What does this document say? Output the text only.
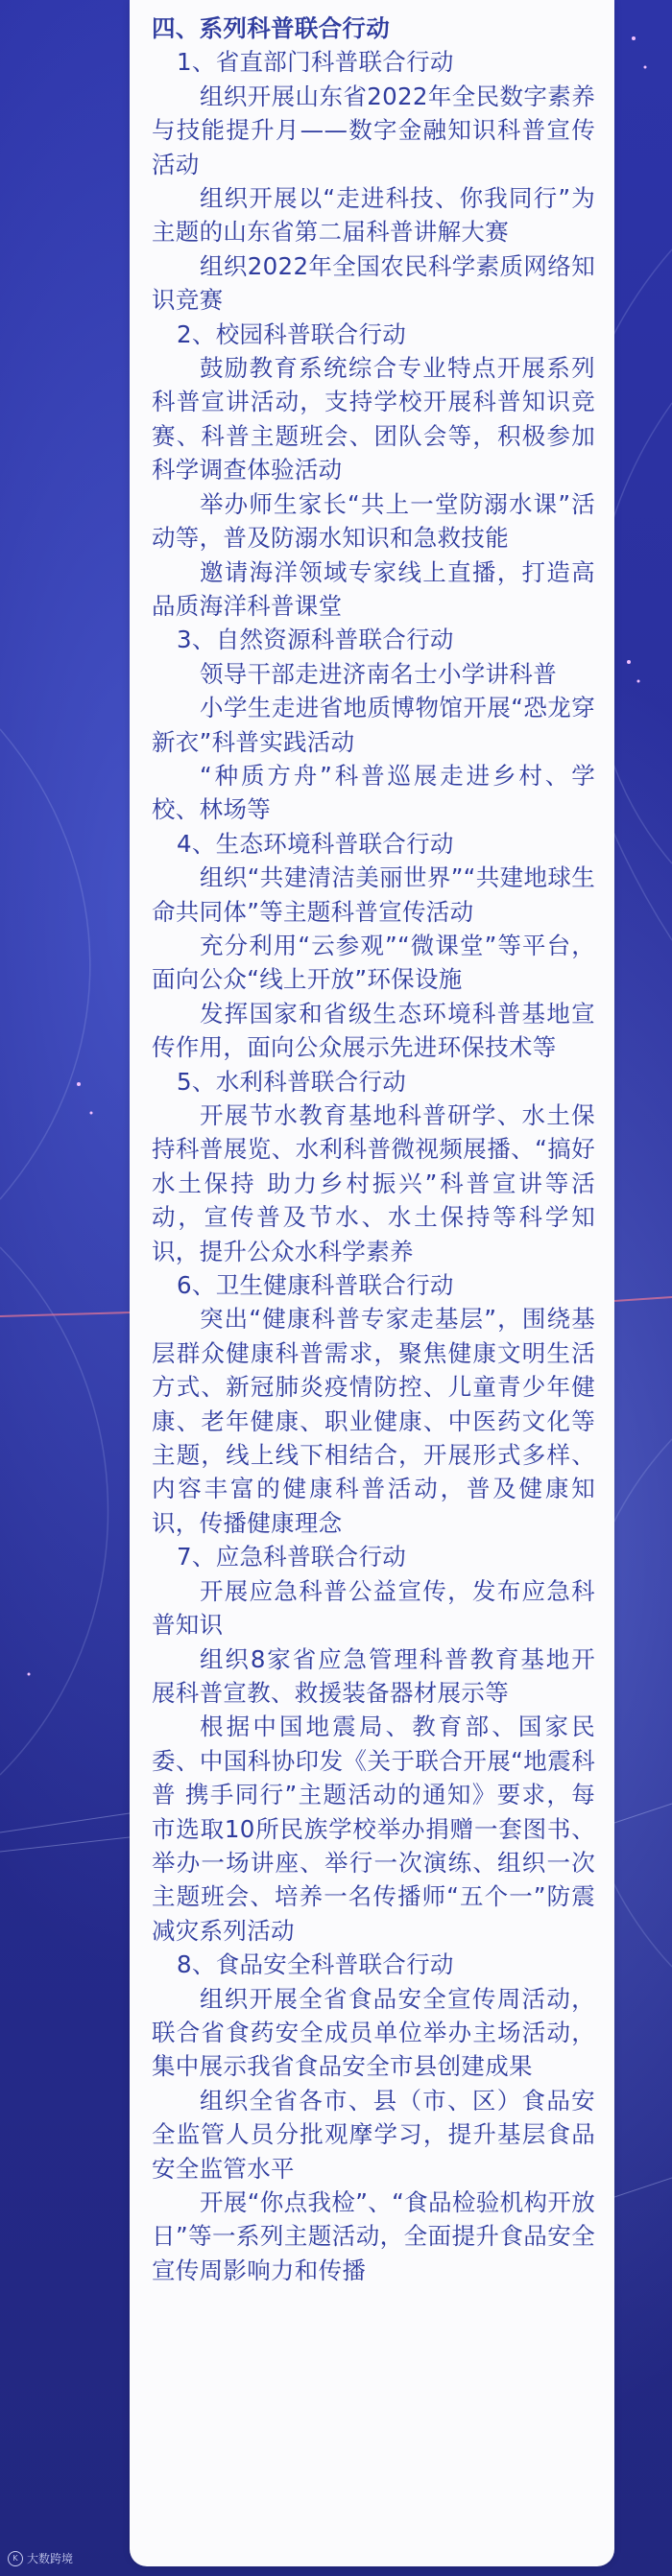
四、系列科普联合行动

1、省直部门科普联合行动

组织开展山东省2022年全民数字素养与技能提升月——数字金融知识科普宣传活动

组织开展以“走进科技、你我同行”为主题的山东省第二届科普讲解大赛

组织2022年全国农民科学素质网络知识竞赛

2、校园科普联合行动

鼓励教育系统综合专业特点开展系列科普宣讲活动，支持学校开展科普知识竞赛、科普主题班会、团队会等，积极参加科学调查体验活动

举办师生家长“共上一堂防溺水课”活动等，普及防溺水知识和急救技能

邀请海洋领域专家线上直播，打造高品质海洋科普课堂

3、自然资源科普联合行动

领导干部走进济南名士小学讲科普

小学生走进省地质博物馆开展“恐龙穿新衣”科普实践活动

“种质方舟”科普巡展走进乡村、学校、林场等

4、生态环境科普联合行动

组织“共建清洁美丽世界”“共建地球生命共同体”等主题科普宣传活动

充分利用“云参观”“微课堂”等平台，面向公众“线上开放”环保设施

发挥国家和省级生态环境科普基地宣传作用，面向公众展示先进环保技术等

5、水利科普联合行动

开展节水教育基地科普研学、水土保持科普展览、水利科普微视频展播、“搞好水土保持 助力乡村振兴”科普宣讲等活动，宣传普及节水、水土保持等科学知识，提升公众水科学素养

6、卫生健康科普联合行动

突出“健康科普专家走基层”，围绕基层群众健康科普需求，聚焦健康文明生活方式、新冠肺炎疫情防控、儿童青少年健康、老年健康、职业健康、中医药文化等主题，线上线下相结合，开展形式多样、内容丰富的健康科普活动，普及健康知识，传播健康理念

7、应急科普联合行动

开展应急科普公益宣传，发布应急科普知识

组织8家省应急管理科普教育基地开展科普宣教、救援装备器材展示等

根据中国地震局、教育部、国家民委、中国科协印发《关于联合开展“地震科普 携手同行”主题活动的通知》要求，每市选取10所民族学校举办捐赠一套图书、举办一场讲座、举行一次演练、组织一次主题班会、培养一名传播师“五个一”防震减灾系列活动

8、食品安全科普联合行动

组织开展全省食品安全宣传周活动，联合省食药安全成员单位举办主场活动，集中展示我省食品安全市县创建成果

组织全省各市、县（市、区）食品安全监管人员分批观摩学习，提升基层食品安全监管水平

开展“你点我检”、“食品检验机构开放日”等一系列主题活动，全面提升食品安全宣传周影响力和传播

K 大数跨境
